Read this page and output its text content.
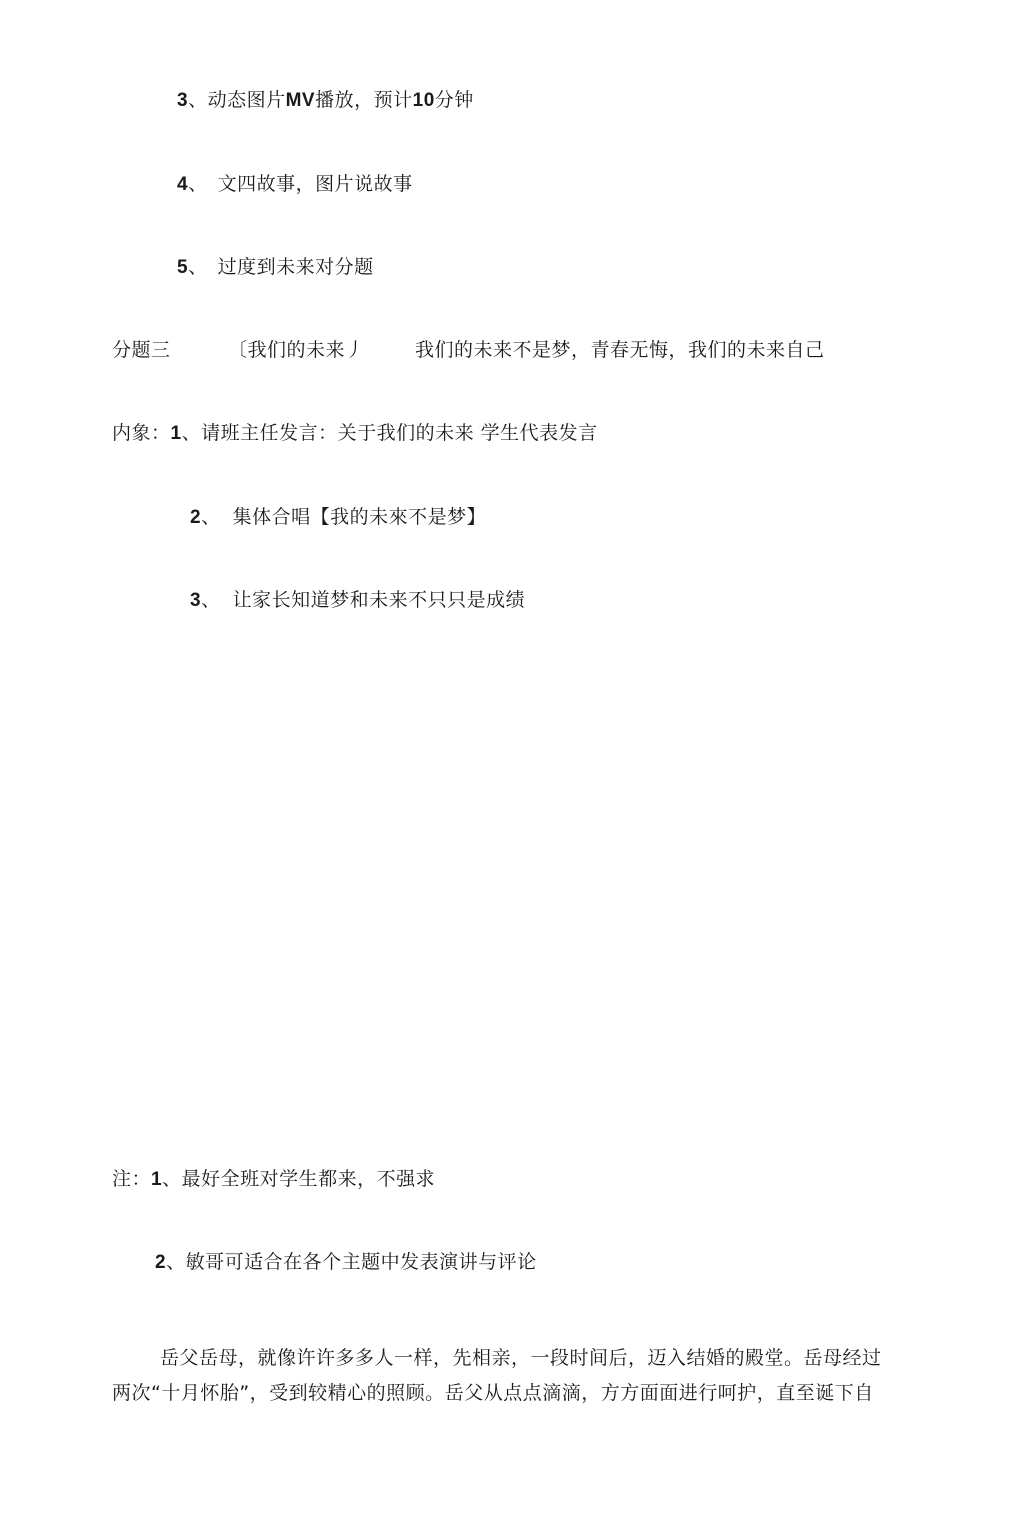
3、动态图片MV播放，预计10分钟
4、 文四故事，图片说故事
5、 过度到未来对分题
分题三	〔我们的未来丿	我们的未来不是梦，青春无悔，我们的未来自己
内象：1、请班主任发言：关于我们的未来 学生代表发言
2、 集体合唱【我的未來不是梦】
3、 让家长知道梦和未来不只只是成绩
注：1、最好全班对学生都来，不强求
2、敏哥可适合在各个主题中发表演讲与评论
岳父岳母，就像许许多多人一样，先相亲，一段时间后，迈入结婚的殿堂。岳母经过
两次“十月怀胎”，受到较精心的照顾。岳父从点点滴滴，方方面面进行呵护，直至诞下自
